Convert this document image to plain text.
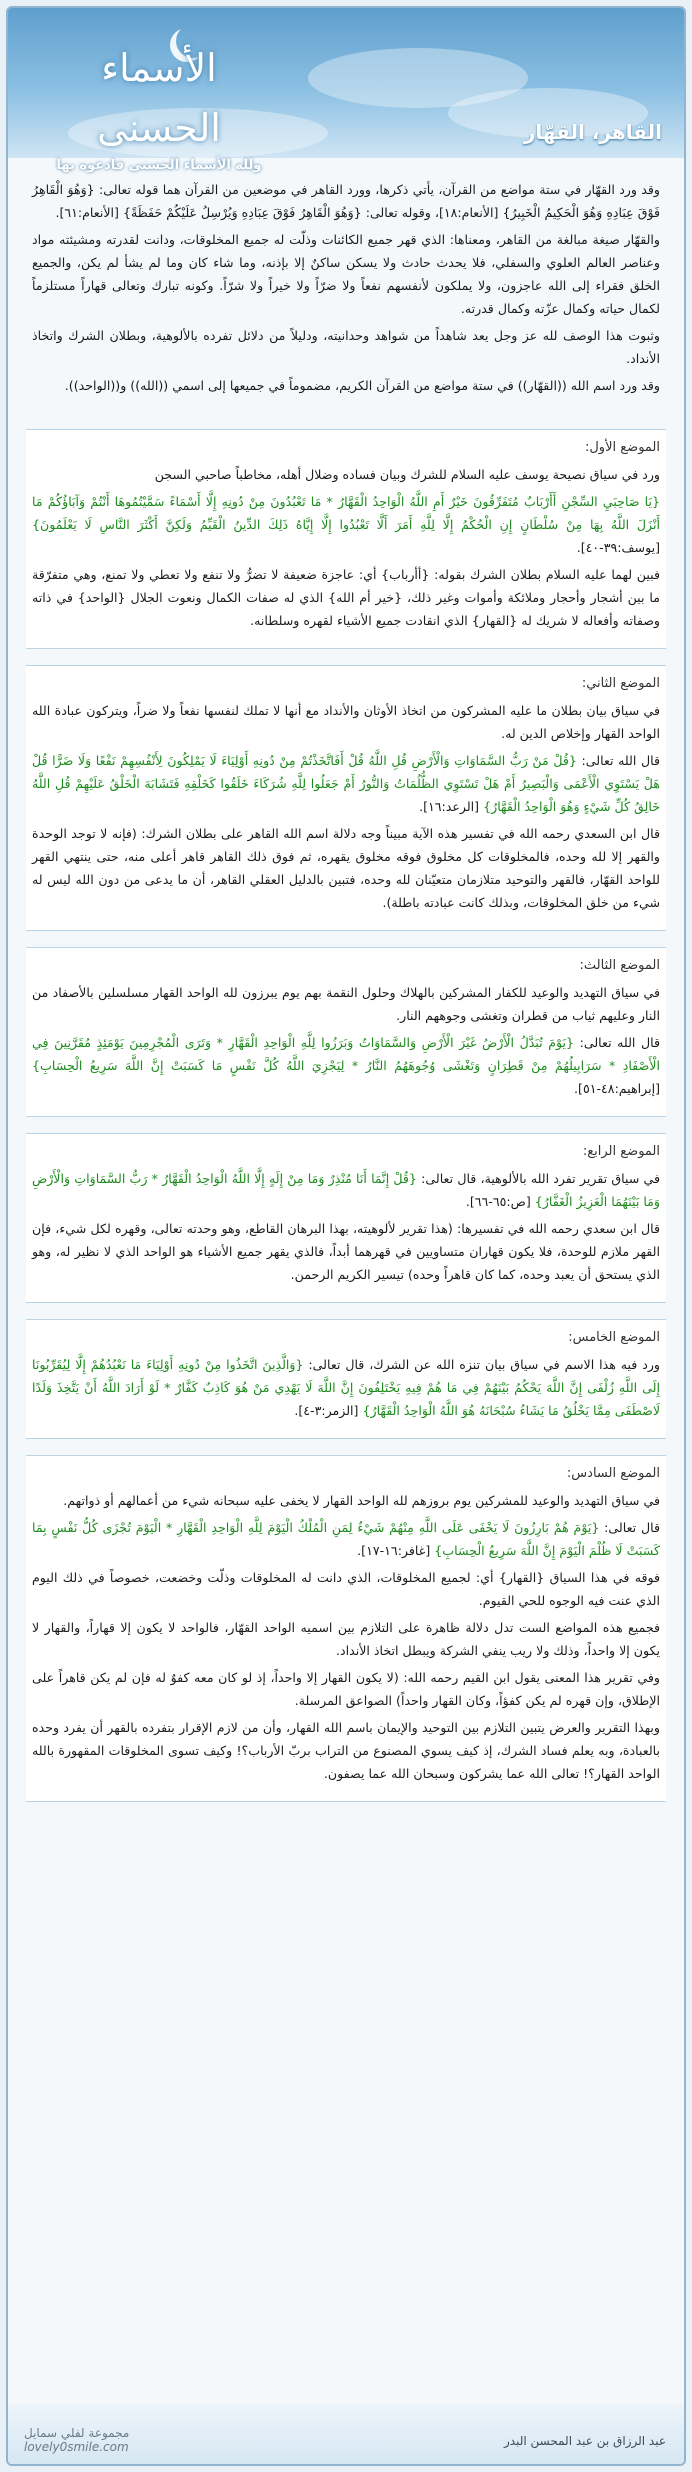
الأسماء الحسنى
ولله الأسماء الحسنى فادعوه بها
القاهر، القهّار

وقد ورد القهّار في ستة مواضع من القرآن، يأتي ذكرها، وورد القاهر في موضعين من القرآن هما قوله تعالى: {وَهُوَ الْقَاهِرُ فَوْقَ عِبَادِهِ وَهُوَ الْحَكِيمُ الْخَبِيرُ} [الأنعام:١٨]، وقوله تعالى: {وَهُوَ الْقَاهِرُ فَوْقَ عِبَادِهِ وَيُرْسِلُ عَلَيْكُمْ حَفَظَةً} [الأنعام:٦١].

والقهّار صيغة مبالغة من القاهر، ومعناها: الذي قهر جميع الكائنات وذلّت له جميع المخلوقات، ودانت لقدرته ومشيئته مواد وعناصر العالم العلوي والسفلي، فلا يحدث حادث ولا يسكن ساكنٌ إلا بإذنه، وما شاء كان وما لم يشأ لم يكن، والجميع الخلق فقراء إلى الله عاجزون، ولا يملكون لأنفسهم نفعاً ولا ضرّاً ولا خيراً ولا شرّاً. وكونه تبارك وتعالى قهاراً مستلزماً لكمال حياته وكمال عزّته وكمال قدرته.

وثبوت هذا الوصف لله عز وجل يعد شاهداً من شواهد وحدانيته، ودليلاً من دلائل تفرده بالألوهية، وبطلان الشرك واتخاذ الأنداد.

وقد ورد اسم الله ((القهّار)) في ستة مواضع من القرآن الكريم، مضموماً في جميعها إلى اسمي ((الله)) و((الواحد)).

الموضع الأول:

ورد في سياق نصيحة يوسف عليه السلام للشرك وبيان فساده وضلال أهله، مخاطباً صاحبي السجن

{يَا صَاحِبَيِ السِّجْنِ أَأَرْبَابٌ مُتَفَرِّقُونَ خَيْرٌ أَمِ اللَّهُ الْوَاحِدُ الْقَهَّارُ * مَا تَعْبُدُونَ مِنْ دُونِهِ إِلَّا أَسْمَاءً سَمَّيْتُمُوهَا أَنْتُمْ وَآبَاؤُكُمْ مَا أَنْزَلَ اللَّهُ بِهَا مِنْ سُلْطَانٍ إِنِ الْحُكْمُ إِلَّا لِلَّهِ أَمَرَ أَلَّا تَعْبُدُوا إِلَّا إِيَّاهُ ذَلِكَ الدِّينُ الْقَيِّمُ وَلَكِنَّ أَكْثَرَ النَّاسِ لَا يَعْلَمُونَ} [يوسف:٣٩-٤٠].

فبين لهما عليه السلام بطلان الشرك بقوله: {أأرباب} أي: عاجزة ضعيفة لا تضرُّ ولا تنفع ولا تعطي ولا تمنع، وهي متفرّقة ما بين أشجار وأحجار وملائكة وأموات وغير ذلك، {خير أم الله} الذي له صفات الكمال ونعوت الجلال {الواحد} في ذاته وصفاته وأفعاله لا شريك له {القهار} الذي انقادت جميع الأشياء لقهره وسلطانه.

الموضع الثاني:

في سياق بيان بطلان ما عليه المشركون من اتخاذ الأوثان والأنداد مع أنها لا تملك لنفسها نفعاً ولا ضراً، ويتركون عبادة الله الواحد القهار وإخلاص الدين له.

قال الله تعالى: {قُلْ مَنْ رَبُّ السَّمَاوَاتِ وَالْأَرْضِ قُلِ اللَّهُ قُلْ أَفَاتَّخَذْتُمْ مِنْ دُونِهِ أَوْلِيَاءَ لَا يَمْلِكُونَ لِأَنْفُسِهِمْ نَفْعًا وَلَا ضَرًّا قُلْ هَلْ يَسْتَوِي الْأَعْمَى وَالْبَصِيرُ أَمْ هَلْ تَسْتَوِي الظُّلُمَاتُ وَالنُّورُ أَمْ جَعَلُوا لِلَّهِ شُرَكَاءَ خَلَقُوا كَخَلْقِهِ فَتَشَابَهَ الْخَلْقُ عَلَيْهِمْ قُلِ اللَّهُ خَالِقُ كُلِّ شَيْءٍ وَهُوَ الْوَاحِدُ الْقَهَّارُ} [الرعد:١٦].

قال ابن السعدي رحمه الله في تفسير هذه الآية مبيناً وجه دلالة اسم الله القاهر على بطلان الشرك: (فإنه لا توجد الوحدة والقهر إلا لله وحده، فالمخلوقات كل مخلوق فوقه مخلوق يقهره، ثم فوق ذلك القاهر قاهر أعلى منه، حتى ينتهي القهر للواحد القهّار، فالقهر والتوحيد متلازمان متعيّنان لله وحده، فتبين بالدليل العقلي القاهر، أن ما يدعى من دون الله ليس له شيء من خلق المخلوقات، وبذلك كانت عبادته باطلة).

الموضع الثالث:

في سياق التهديد والوعيد للكفار المشركين بالهلاك وحلول النقمة بهم يوم يبرزون لله الواحد القهار مسلسلين بالأصفاد من النار وعليهم ثياب من قطران وتغشى وجوههم النار.

قال الله تعالى: {يَوْمَ تُبَدَّلُ الْأَرْضُ غَيْرَ الْأَرْضِ وَالسَّمَاوَاتُ وَبَرَزُوا لِلَّهِ الْوَاحِدِ الْقَهَّارِ * وَتَرَى الْمُجْرِمِينَ يَوْمَئِذٍ مُقَرَّنِينَ فِي الْأَصْفَادِ * سَرَابِيلُهُمْ مِنْ قَطِرَانٍ وَتَغْشَى وُجُوهَهُمُ النَّارُ * لِيَجْزِيَ اللَّهُ كُلَّ نَفْسٍ مَا كَسَبَتْ إِنَّ اللَّهَ سَرِيعُ الْحِسَابِ} [إبراهيم:٤٨-٥١].

الموضع الرابع:

في سياق تقرير تفرد الله بالألوهية، قال تعالى: {قُلْ إِنَّمَا أَنَا مُنْذِرٌ وَمَا مِنْ إِلَهٍ إِلَّا اللَّهُ الْوَاحِدُ الْقَهَّارُ * رَبُّ السَّمَاوَاتِ وَالْأَرْضِ وَمَا بَيْنَهُمَا الْعَزِيزُ الْغَفَّارُ} [ص:٦٥-٦٦].

قال ابن سعدي رحمه الله في تفسيرها: (هذا تقرير لألوهيته، بهذا البرهان القاطع، وهو وحدته تعالى، وقهره لكل شيء، فإن القهر ملازم للوحدة، فلا يكون قهاران متساويين في قهرهما أبداً، فالذي يقهر جميع الأشياء هو الواحد الذي لا نظير له، وهو الذي يستحق أن يعبد وحده، كما كان قاهراً وحده) تيسير الكريم الرحمن.

الموضع الخامس:

ورد فيه هذا الاسم في سياق بيان تنزه الله عن الشرك، قال تعالى: {وَالَّذِينَ اتَّخَذُوا مِنْ دُونِهِ أَوْلِيَاءَ مَا نَعْبُدُهُمْ إِلَّا لِيُقَرِّبُونَا إِلَى اللَّهِ زُلْفَى إِنَّ اللَّهَ يَحْكُمُ بَيْنَهُمْ فِي مَا هُمْ فِيهِ يَخْتَلِفُونَ إِنَّ اللَّهَ لَا يَهْدِي مَنْ هُوَ كَاذِبٌ كَفَّارٌ * لَوْ أَرَادَ اللَّهُ أَنْ يَتَّخِذَ وَلَدًا لَاصْطَفَى مِمَّا يَخْلُقُ مَا يَشَاءُ سُبْحَانَهُ هُوَ اللَّهُ الْوَاحِدُ الْقَهَّارُ} [الزمر:٣-٤].

الموضع السادس:

في سياق التهديد والوعيد للمشركين يوم بروزهم لله الواحد القهار لا يخفى عليه سبحانه شيء من أعمالهم أو ذواتهم.

قال تعالى: {يَوْمَ هُمْ بَارِزُونَ لَا يَخْفَى عَلَى اللَّهِ مِنْهُمْ شَيْءٌ لِمَنِ الْمُلْكُ الْيَوْمَ لِلَّهِ الْوَاحِدِ الْقَهَّارِ * الْيَوْمَ تُجْزَى كُلُّ نَفْسٍ بِمَا كَسَبَتْ لَا ظُلْمَ الْيَوْمَ إِنَّ اللَّهَ سَرِيعُ الْحِسَابِ} [غافر:١٦-١٧].

فوقه في هذا السياق {القهار} أي: لجميع المخلوقات، الذي دانت له المخلوقات وذلّت وخضعت، خصوصاً في ذلك اليوم الذي عنت فيه الوجوه للحي القيوم.

فجميع هذه المواضع الست تدل دلالة ظاهرة على التلازم بين اسميه الواحد القهّار، فالواحد لا يكون إلا قهاراً، والقهار لا يكون إلا واحداً، وذلك ولا ريب ينفي الشركة ويبطل اتخاذ الأنداد.

وفي تقرير هذا المعنى يقول ابن القيم رحمه الله: (لا يكون القهار إلا واحداً، إذ لو كان معه كفوٌ له فإن لم يكن قاهراً على الإطلاق، وإن قهره لم يكن كفؤاً، وكان القهار واحداً) الصواعق المرسلة.

وبهذا التقرير والعرض يتبين التلازم بين التوحيد والإيمان باسم الله القهار، وأن من لازم الإقرار بتفرده بالقهر أن يفرد وحده بالعبادة، وبه يعلم فساد الشرك، إذ كيف يسوي المصنوع من التراب بربّ الأرباب؟! وكيف تسوى المخلوقات المقهورة بالله الواحد القهار؟! تعالى الله عما يشركون وسبحان الله عما يصفون.

مجموعة لفلي سمايل
lovely0smile.com	عبد الرزاق بن عبد المحسن البدر
